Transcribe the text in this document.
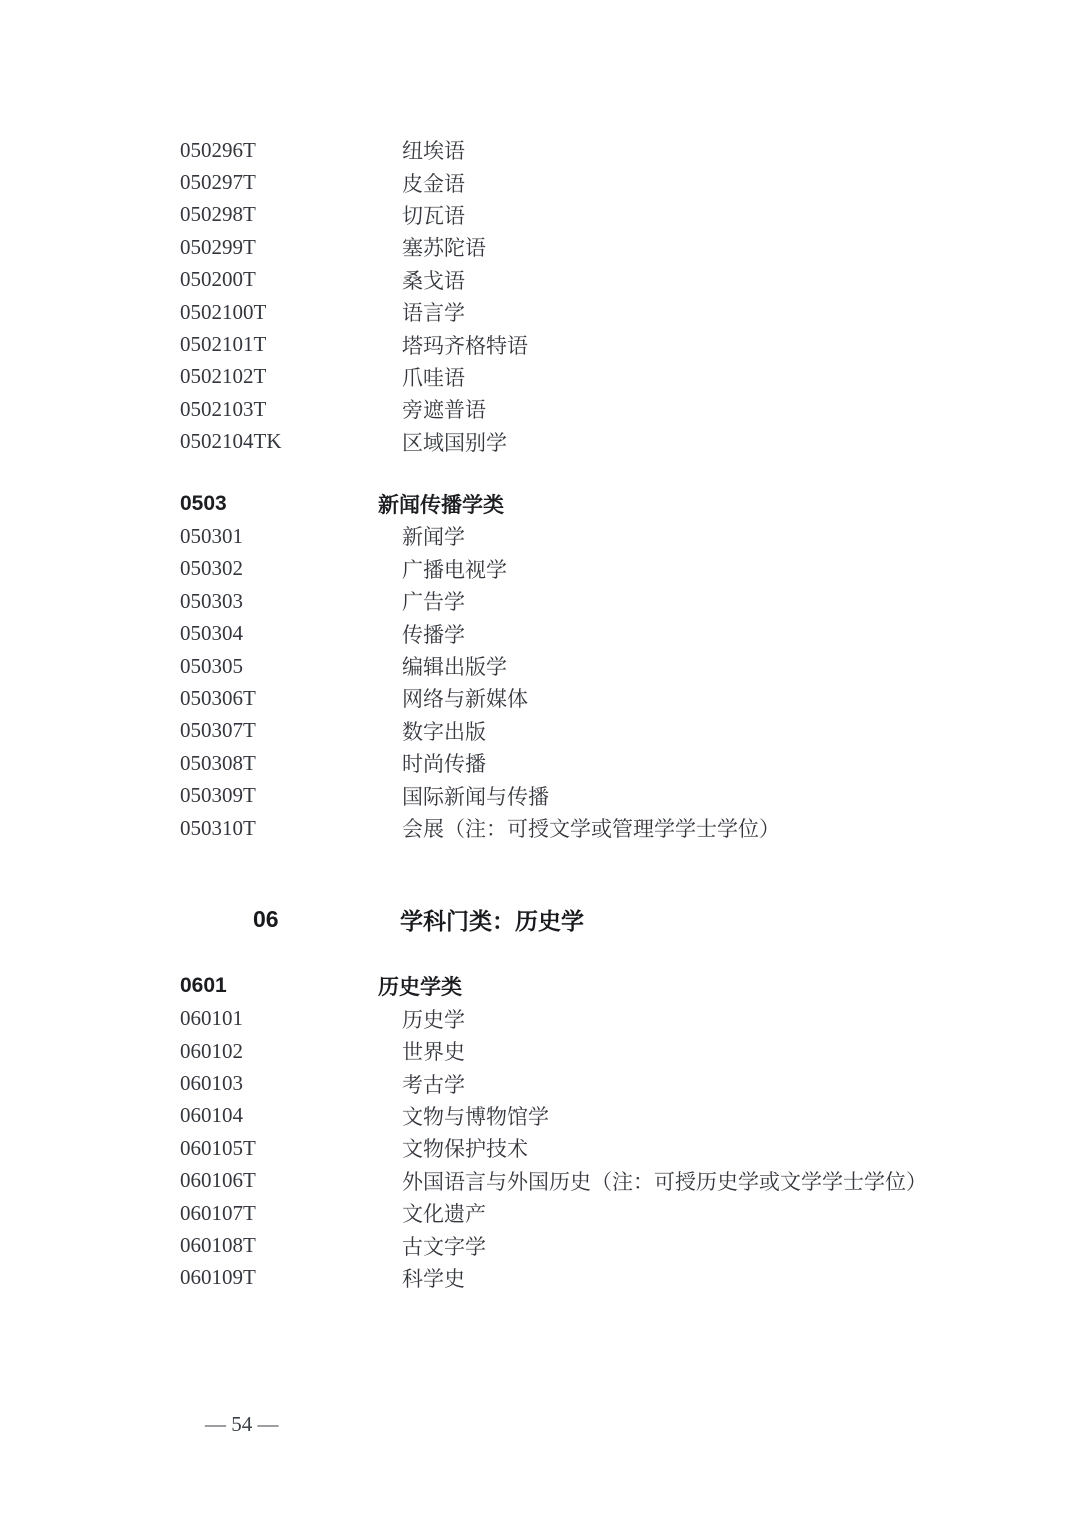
050296T	纽埃语
050297T	皮金语
050298T	切瓦语
050299T	塞苏陀语
050200T	桑戈语
0502100T	语言学
0502101T	塔玛齐格特语
0502102T	爪哇语
0502103T	旁遮普语
0502104TK	区域国别学
0503	新闻传播学类
050301	新闻学
050302	广播电视学
050303	广告学
050304	传播学
050305	编辑出版学
050306T	网络与新媒体
050307T	数字出版
050308T	时尚传播
050309T	国际新闻与传播
050310T	会展（注：可授文学或管理学学士学位）
06	学科门类：历史学
0601	历史学类
060101	历史学
060102	世界史
060103	考古学
060104	文物与博物馆学
060105T	文物保护技术
060106T	外国语言与外国历史（注：可授历史学或文学学士学位）
060107T	文化遗产
060108T	古文字学
060109T	科学史
— 54 —
